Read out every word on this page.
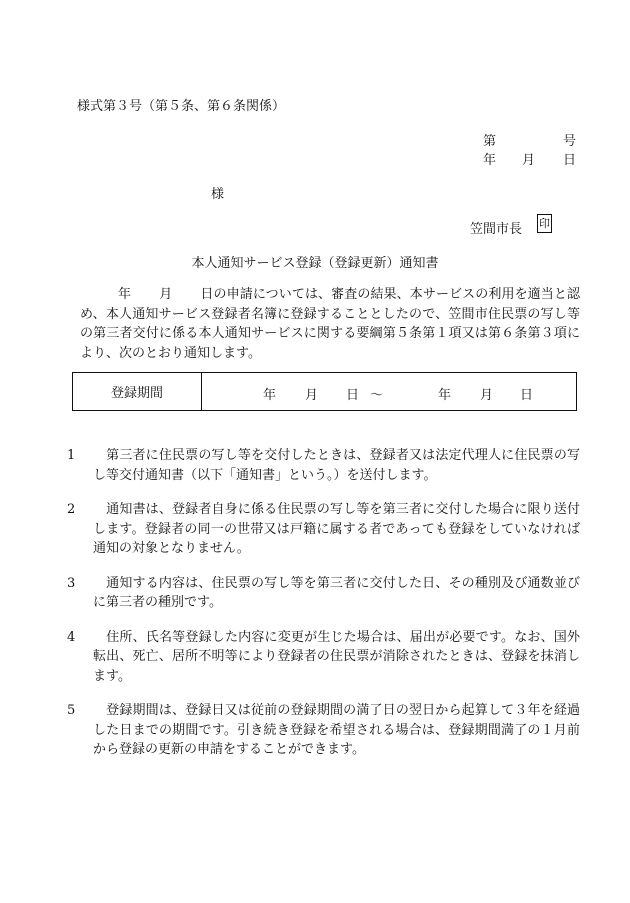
様式第３号（第５条、第６条関係）
第	号
年 月 日
様
笠間市長 印
本人通知サービス登録（登録更新）通知書
年 月 日の申請については、審査の結果、本サービスの利用を適当と認め、本人通知サービス登録者名簿に登録することとしたので、笠間市住民票の写し等の第三者交付に係る本人通知サービスに関する要綱第５条第１項又は第６条第３項により、次のとおり通知します。
登録期間	年 月 日 ～	年 月 日
1 第三者に住民票の写し等を交付したときは、登録者又は法定代理人に住民票の写し等交付通知書（以下「通知書」という。）を送付します。
2 通知書は、登録者自身に係る住民票の写し等を第三者に交付した場合に限り送付します。登録者の同一の世帯又は戸籍に属する者であっても登録をしていなければ通知の対象となりません。
3 通知する内容は、住民票の写し等を第三者に交付した日、その種別及び通数並びに第三者の種別です。
4 住所、氏名等登録した内容に変更が生じた場合は、届出が必要です。なお、国外転出、死亡、居所不明等により登録者の住民票が消除されたときは、登録を抹消します。
5 登録期間は、登録日又は従前の登録期間の満了日の翌日から起算して３年を経過した日までの期間です。引き続き登録を希望される場合は、登録期間満了の１月前から登録の更新の申請をすることができます。
